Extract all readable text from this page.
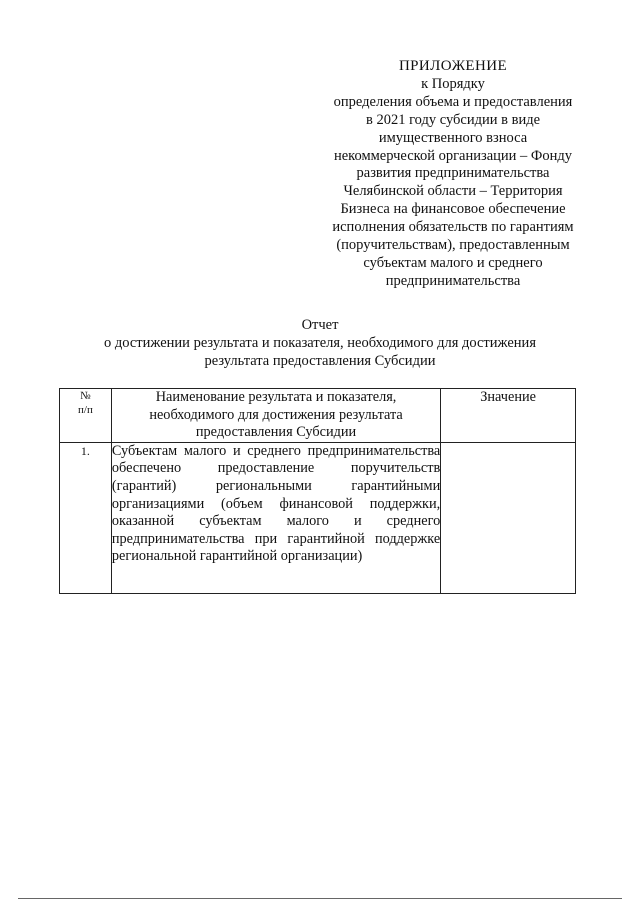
ПРИЛОЖЕНИЕ
к Порядку
определения объема и предоставления
в 2021 году субсидии в виде
имущественного взноса
некоммерческой организации – Фонду
развития предпринимательства
Челябинской области – Территория
Бизнеса на финансовое обеспечение
исполнения обязательств по гарантиям
(поручительствам), предоставленным
субъектам малого и среднего
предпринимательства
Отчет
о достижении результата и показателя, необходимого для достижения
результата предоставления Субсидии
№
п/п	Наименование результата и показателя, необходимого для достижения результата предоставления Субсидии	Значение
1.	Субъектам малого и среднего предпринимательства обеспечено предоставление поручительств (гарантий) региональными гарантийными организациями (объем финансовой поддержки, оказанной субъектам малого и среднего предпринимательства при гарантийной поддержке региональной гарантийной организации)	
